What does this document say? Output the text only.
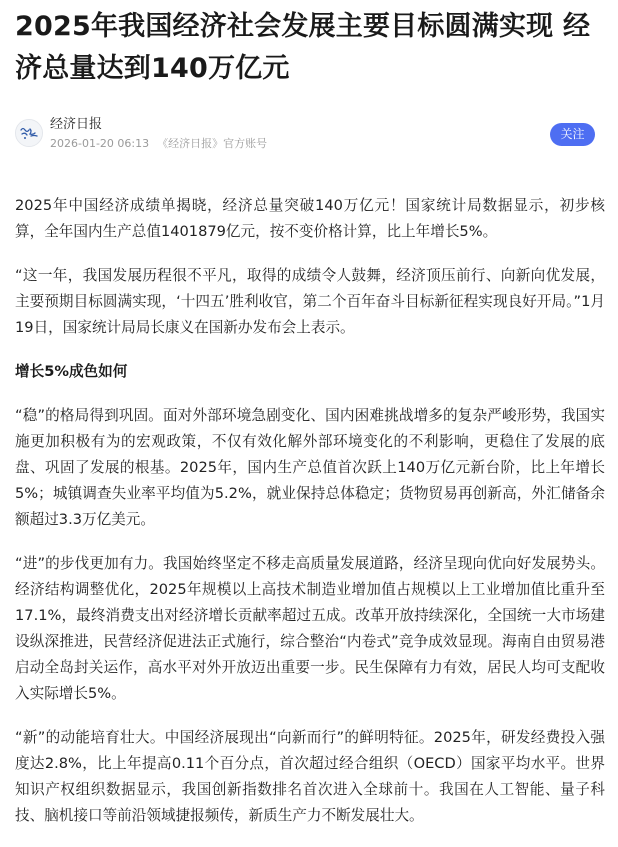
2025年我国经济社会发展主要目标圆满实现 经济总量达到140万亿元
经济日报
2026-01-20 06:13 《经济日报》官方账号
关注

2025年中国经济成绩单揭晓，经济总量突破140万亿元！国家统计局数据显示，初步核算，全年国内生产总值1401879亿元，按不变价格计算，比上年增长5%。

“这一年，我国发展历程很不平凡，取得的成绩令人鼓舞，经济顶压前行、向新向优发展，主要预期目标圆满实现，‘十四五’胜利收官，第二个百年奋斗目标新征程实现良好开局。”1月19日，国家统计局局长康义在国新办发布会上表示。

增长5%成色如何

“稳”的格局得到巩固。面对外部环境急剧变化、国内困难挑战增多的复杂严峻形势，我国实施更加积极有为的宏观政策，不仅有效化解外部环境变化的不利影响，更稳住了发展的底盘、巩固了发展的根基。2025年，国内生产总值首次跃上140万亿元新台阶，比上年增长5%；城镇调查失业率平均值为5.2%，就业保持总体稳定；货物贸易再创新高，外汇储备余额超过3.3万亿美元。

“进”的步伐更加有力。我国始终坚定不移走高质量发展道路，经济呈现向优向好发展势头。经济结构调整优化，2025年规模以上高技术制造业增加值占规模以上工业增加值比重升至17.1%，最终消费支出对经济增长贡献率超过五成。改革开放持续深化，全国统一大市场建设纵深推进，民营经济促进法正式施行，综合整治“内卷式”竞争成效显现。海南自由贸易港启动全岛封关运作，高水平对外开放迈出重要一步。民生保障有力有效，居民人均可支配收入实际增长5%。

“新”的动能培育壮大。中国经济展现出“向新而行”的鲜明特征。2025年，研发经费投入强度达2.8%，比上年提高0.11个百分点，首次超过经合组织（OECD）国家平均水平。世界知识产权组织数据显示，我国创新指数排名首次进入全球前十。我国在人工智能、量子科技、脑机接口等前沿领域捷报频传，新质生产力不断发展壮大。
